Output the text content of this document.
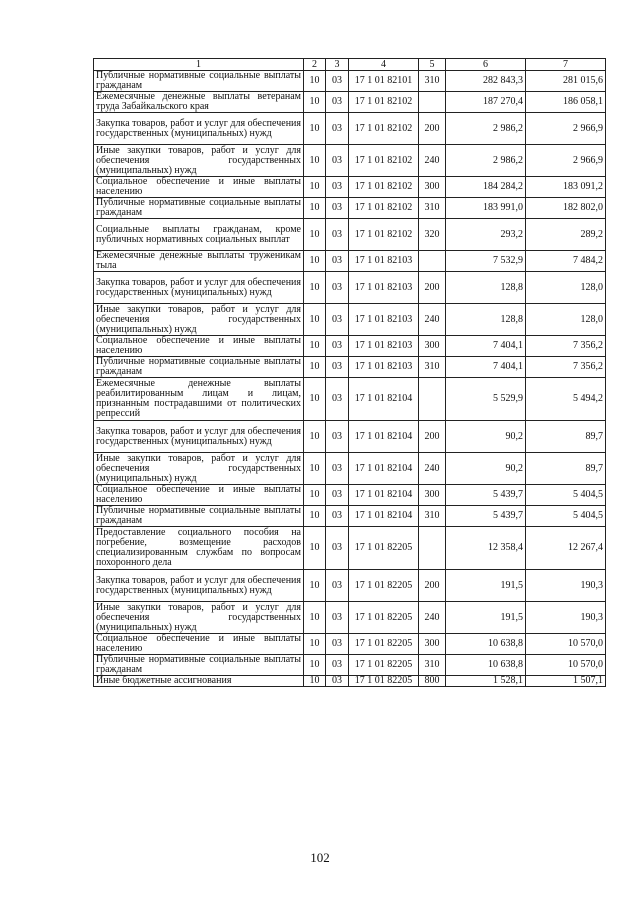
1	2	3	4	5	6	7
Публичные нормативные социальные выплаты гражданам	10	03	17 1 01 82101	310	282 843,3	281 015,6
Ежемесячные денежные выплаты ветеранам труда Забайкальского края	10	03	17 1 01 82102		187 270,4	186 058,1
Закупка товаров, работ и услуг для обеспечения государственных (муниципальных) нужд	10	03	17 1 01 82102	200	2 986,2	2 966,9
Иные закупки товаров, работ и услуг для обеспечения государственных (муниципальных) нужд	10	03	17 1 01 82102	240	2 986,2	2 966,9
Социальное обеспечение и иные выплаты населению	10	03	17 1 01 82102	300	184 284,2	183 091,2
Публичные нормативные социальные выплаты гражданам	10	03	17 1 01 82102	310	183 991,0	182 802,0
Социальные выплаты гражданам, кроме публичных нормативных социальных выплат	10	03	17 1 01 82102	320	293,2	289,2
Ежемесячные денежные выплаты труженикам тыла	10	03	17 1 01 82103		7 532,9	7 484,2
Закупка товаров, работ и услуг для обеспечения государственных (муниципальных) нужд	10	03	17 1 01 82103	200	128,8	128,0
Иные закупки товаров, работ и услуг для обеспечения государственных (муниципальных) нужд	10	03	17 1 01 82103	240	128,8	128,0
Социальное обеспечение и иные выплаты населению	10	03	17 1 01 82103	300	7 404,1	7 356,2
Публичные нормативные социальные выплаты гражданам	10	03	17 1 01 82103	310	7 404,1	7 356,2
Ежемесячные денежные выплаты реабилитированным лицам и лицам, признанным пострадавшими от политических репрессий	10	03	17 1 01 82104		5 529,9	5 494,2
Закупка товаров, работ и услуг для обеспечения государственных (муниципальных) нужд	10	03	17 1 01 82104	200	90,2	89,7
Иные закупки товаров, работ и услуг для обеспечения государственных (муниципальных) нужд	10	03	17 1 01 82104	240	90,2	89,7
Социальное обеспечение и иные выплаты населению	10	03	17 1 01 82104	300	5 439,7	5 404,5
Публичные нормативные социальные выплаты гражданам	10	03	17 1 01 82104	310	5 439,7	5 404,5
Предоставление социального пособия на погребение, возмещение расходов специализированным службам по вопросам похоронного дела	10	03	17 1 01 82205		12 358,4	12 267,4
Закупка товаров, работ и услуг для обеспечения государственных (муниципальных) нужд	10	03	17 1 01 82205	200	191,5	190,3
Иные закупки товаров, работ и услуг для обеспечения государственных (муниципальных) нужд	10	03	17 1 01 82205	240	191,5	190,3
Социальное обеспечение и иные выплаты населению	10	03	17 1 01 82205	300	10 638,8	10 570,0
Публичные нормативные социальные выплаты гражданам	10	03	17 1 01 82205	310	10 638,8	10 570,0
Иные бюджетные ассигнования	10	03	17 1 01 82205	800	1 528,1	1 507,1
102
